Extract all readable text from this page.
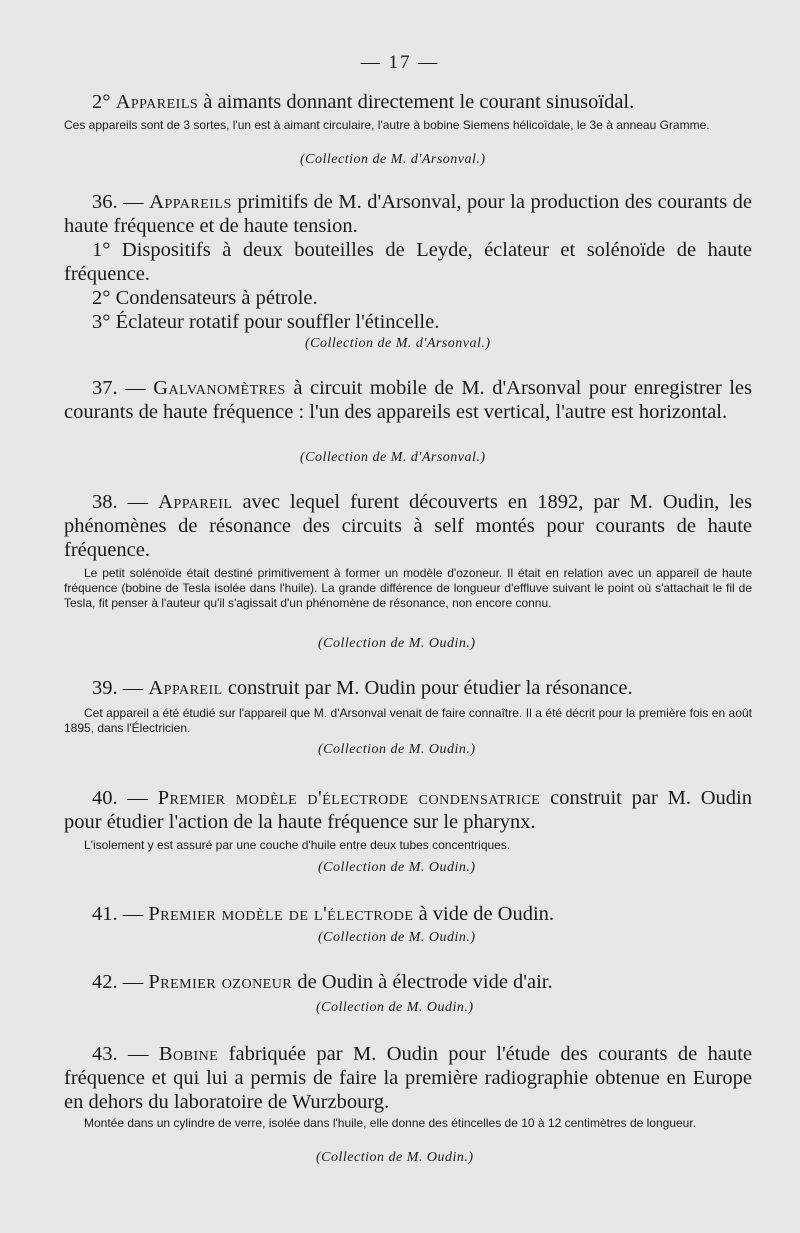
— 17 —
2° Appareils à aimants donnant directement le courant sinusoïdal.
Ces appareils sont de 3 sortes, l'un est à aimant circulaire, l'autre à bobine Siemens hélicoïdale, le 3e à anneau Gramme.
(Collection de M. d'Arsonval.)
36. — Appareils primitifs de M. d'Arsonval, pour la production des courants de haute fréquence et de haute tension.
1° Dispositifs à deux bouteilles de Leyde, éclateur et solénoïde de haute fréquence.
2° Condensateurs à pétrole.
3° Éclateur rotatif pour souffler l'étincelle.
(Collection de M. d'Arsonval.)
37. — Galvanomètres à circuit mobile de M. d'Arsonval pour enregistrer les courants de haute fréquence : l'un des appareils est vertical, l'autre est horizontal.
(Collection de M. d'Arsonval.)
38. — Appareil avec lequel furent découverts en 1892, par M. Oudin, les phénomènes de résonance des circuits à self montés pour courants de haute fréquence.
Le petit solénoïde était destiné primitivement à former un modèle d'ozoneur. Il était en relation avec un appareil de haute fréquence (bobine de Tesla isolée dans l'huile). La grande différence de longueur d'effluve suivant le point où s'attachait le fil de Tesla, fit penser à l'auteur qu'il s'agissait d'un phénomène de résonance, non encore connu.
(Collection de M. Oudin.)
39. — Appareil construit par M. Oudin pour étudier la résonance.
Cet appareil a été étudié sur l'appareil que M. d'Arsonval venait de faire connaître. Il a été décrit pour la première fois en août 1895, dans l'Électricien.
(Collection de M. Oudin.)
40. — Premier modèle d'électrode condensatrice construit par M. Oudin pour étudier l'action de la haute fréquence sur le pharynx.
L'isolement y est assuré par une couche d'huile entre deux tubes concentriques.
(Collection de M. Oudin.)
41. — Premier modèle de l'électrode à vide de Oudin.
(Collection de M. Oudin.)
42. — Premier ozoneur de Oudin à électrode vide d'air.
(Collection de M. Oudin.)
43. — Bobine fabriquée par M. Oudin pour l'étude des courants de haute fréquence et qui lui a permis de faire la première radiographie obtenue en Europe en dehors du laboratoire de Wurzbourg.
Montée dans un cylindre de verre, isolée dans l'huile, elle donne des étincelles de 10 à 12 centimètres de longueur.
(Collection de M. Oudin.)
